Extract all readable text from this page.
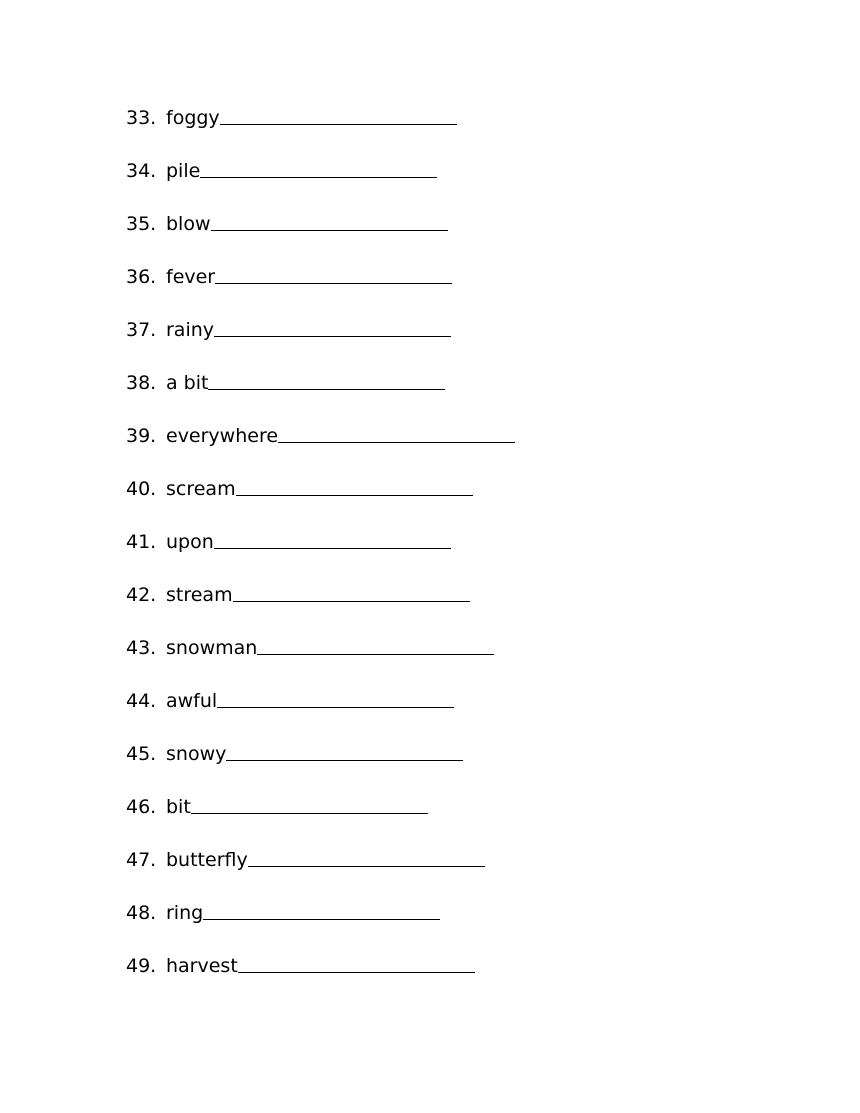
33. foggy
34. pile
35. blow
36. fever
37. rainy
38. a bit
39. everywhere
40. scream
41. upon
42. stream
43. snowman
44. awful
45. snowy
46. bit
47. butterfly
48. ring
49. harvest
